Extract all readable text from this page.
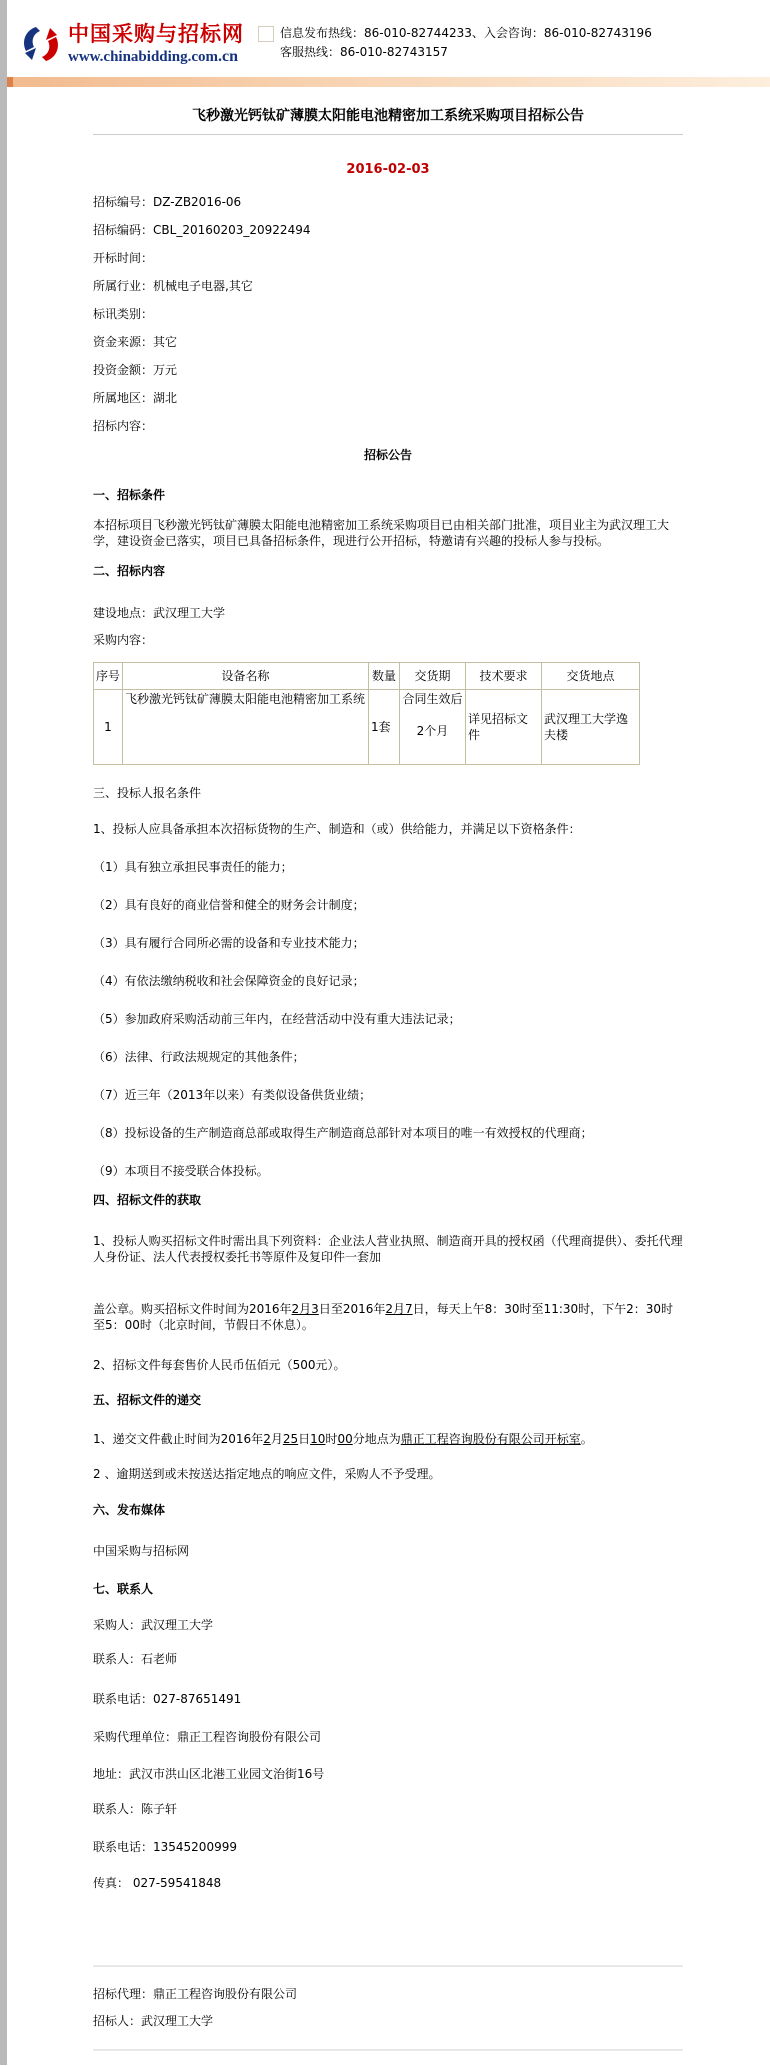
中国采购与招标网
www.chinabidding.com.cn
信息发布热线：86-010-82744233、入会咨询：86-010-82743196
客服热线：86-010-82743157

飞秒激光钙钛矿薄膜太阳能电池精密加工系统采购项目招标公告

2016-02-03

招标编号：DZ-ZB2016-06

招标编码：CBL_20160203_20922494

开标时间：

所属行业：机械电子电器,其它

标讯类别：

资金来源：其它

投资金额：万元

所属地区：湖北

招标内容：

招标公告

一、招标条件

本招标项目飞秒激光钙钛矿薄膜太阳能电池精密加工系统采购项目已由相关部门批准，项目业主为武汉理工大学，建设资金已落实，项目已具备招标条件，现进行公开招标，特邀请有兴趣的投标人参与投标。

二、招标内容

建设地点：武汉理工大学

采购内容：

序号	设备名称	数量	交货期	技术要求	交货地点
1	飞秒激光钙钛矿薄膜太阳能电池精密加工系统	1套	合同生效后
2个月	详见招标文件	武汉理工大学逸夫楼

三、投标人报名条件

1、投标人应具备承担本次招标货物的生产、制造和（或）供给能力，并满足以下资格条件：

（1）具有独立承担民事责任的能力；

（2）具有良好的商业信誉和健全的财务会计制度；

（3）具有履行合同所必需的设备和专业技术能力；

（4）有依法缴纳税收和社会保障资金的良好记录；

（5）参加政府采购活动前三年内，在经营活动中没有重大违法记录；

（6）法律、行政法规规定的其他条件；

（7）近三年（2013年以来）有类似设备供货业绩；

（8）投标设备的生产制造商总部或取得生产制造商总部针对本项目的唯一有效授权的代理商；

（9）本项目不接受联合体投标。

四、招标文件的获取

1、投标人购买招标文件时需出具下列资料：企业法人营业执照、制造商开具的授权函（代理商提供）、委托代理人身份证、法人代表授权委托书等原件及复印件一套加

盖公章。购买招标文件时间为2016年2月3日至2016年2月7日，每天上午8：30时至11:30时，下午2：30时至5：00时（北京时间，节假日不休息）。

2、招标文件每套售价人民币伍佰元（500元）。

五、招标文件的递交

1、递交文件截止时间为2016年2月25日10时00分地点为鼎正工程咨询股份有限公司开标室。

2 、逾期送到或未按送达指定地点的响应文件，采购人不予受理。

六、发布媒体

中国采购与招标网

七、联系人

采购人：武汉理工大学

联系人：石老师

联系电话：027-87651491

采购代理单位：鼎正工程咨询股份有限公司

地址：武汉市洪山区北港工业园文治街16号

联系人：陈子轩

联系电话：13545200999

传真： 027-59541848

招标代理：鼎正工程咨询股份有限公司

招标人：武汉理工大学
